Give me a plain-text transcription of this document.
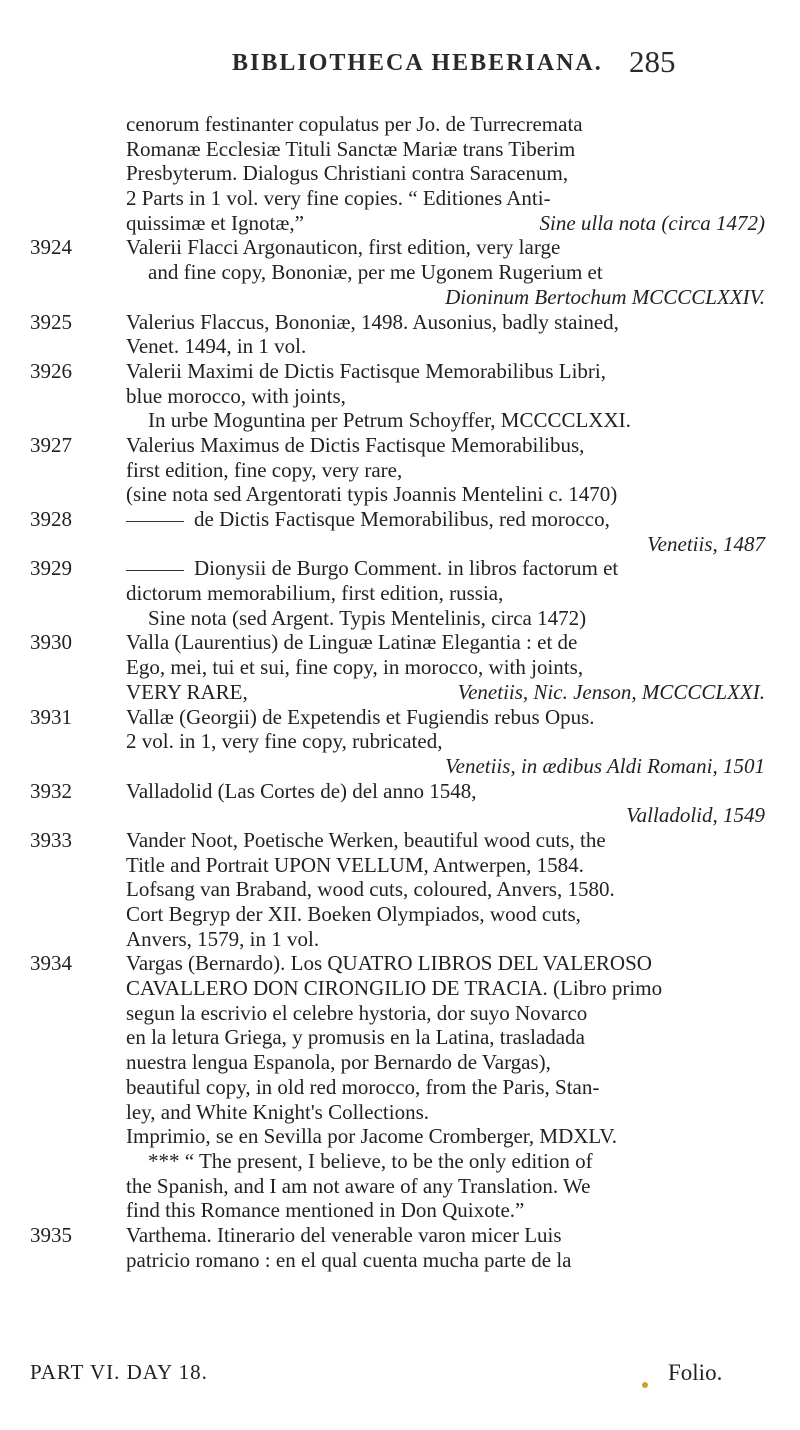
BIBLIOTHECA HEBERIANA. 285
cenorum festinanter copulatus per Jo. de Turrecremata
Romanæ Ecclesiæ Tituli Sanctæ Mariæ trans Tiberim
Presbyterum. Dialogus Christiani contra Saracenum,
2 Parts in 1 vol. very fine copies. “ Editiones Anti-
quissimæ et Ignotæ,”	Sine ulla nota (circa 1472)
3924	Valerii Flacci Argonauticon, first edition, very large
and fine copy, Bononiæ, per me Ugonem Rugerium et
Dioninum Bertochum MCCCCLXXIV.
3925	Valerius Flaccus, Bononiæ, 1498. Ausonius, badly stained,
Venet. 1494, in 1 vol.
3926	Valerii Maximi de Dictis Factisque Memorabilibus Libri,
blue morocco, with joints,
In urbe Moguntina per Petrum Schoyffer, MCCCCLXXI.
3927	Valerius Maximus de Dictis Factisque Memorabilibus,
first edition, fine copy, very rare,
(sine nota sed Argentorati typis Joannis Mentelini c. 1470)
3928	de Dictis Factisque Memorabilibus, red morocco,
Venetiis, 1487
3929	Dionysii de Burgo Comment. in libros factorum et
dictorum memorabilium, first edition, russia,
Sine nota (sed Argent. Typis Mentelinis, circa 1472)
3930	Valla (Laurentius) de Linguæ Latinæ Elegantia : et de
Ego, mei, tui et sui, fine copy, in morocco, with joints,
VERY RARE,	Venetiis, Nic. Jenson, MCCCCLXXI.
3931	Vallæ (Georgii) de Expetendis et Fugiendis rebus Opus.
2 vol. in 1, very fine copy, rubricated,
Venetiis, in ædibus Aldi Romani, 1501
3932	Valladolid (Las Cortes de) del anno 1548,
Valladolid, 1549
3933	Vander Noot, Poetische Werken, beautiful wood cuts, the
Title and Portrait UPON VELLUM, Antwerpen, 1584.
Lofsang van Braband, wood cuts, coloured, Anvers, 1580.
Cort Begryp der XII. Boeken Olympiados, wood cuts,
Anvers, 1579, in 1 vol.
3934	Vargas (Bernardo). Los QUATRO LIBROS DEL VALEROSO
CAVALLERO DON CIRONGILIO DE TRACIA. (Libro primo
segun la escrivio el celebre hystoria, dor suyo Novarco
en la letura Griega, y promusis en la Latina, trasladada
nuestra lengua Espanola, por Bernardo de Vargas),
beautiful copy, in old red morocco, from the Paris, Stan-
ley, and White Knight's Collections.
Imprimio, se en Sevilla por Jacome Cromberger, MDXLV.
*** “ The present, I believe, to be the only edition of
the Spanish, and I am not aware of any Translation. We
find this Romance mentioned in Don Quixote.”
3935	Varthema. Itinerario del venerable varon micer Luis
patricio romano : en el qual cuenta mucha parte de la
PART VI. DAY 18.	Folio.
